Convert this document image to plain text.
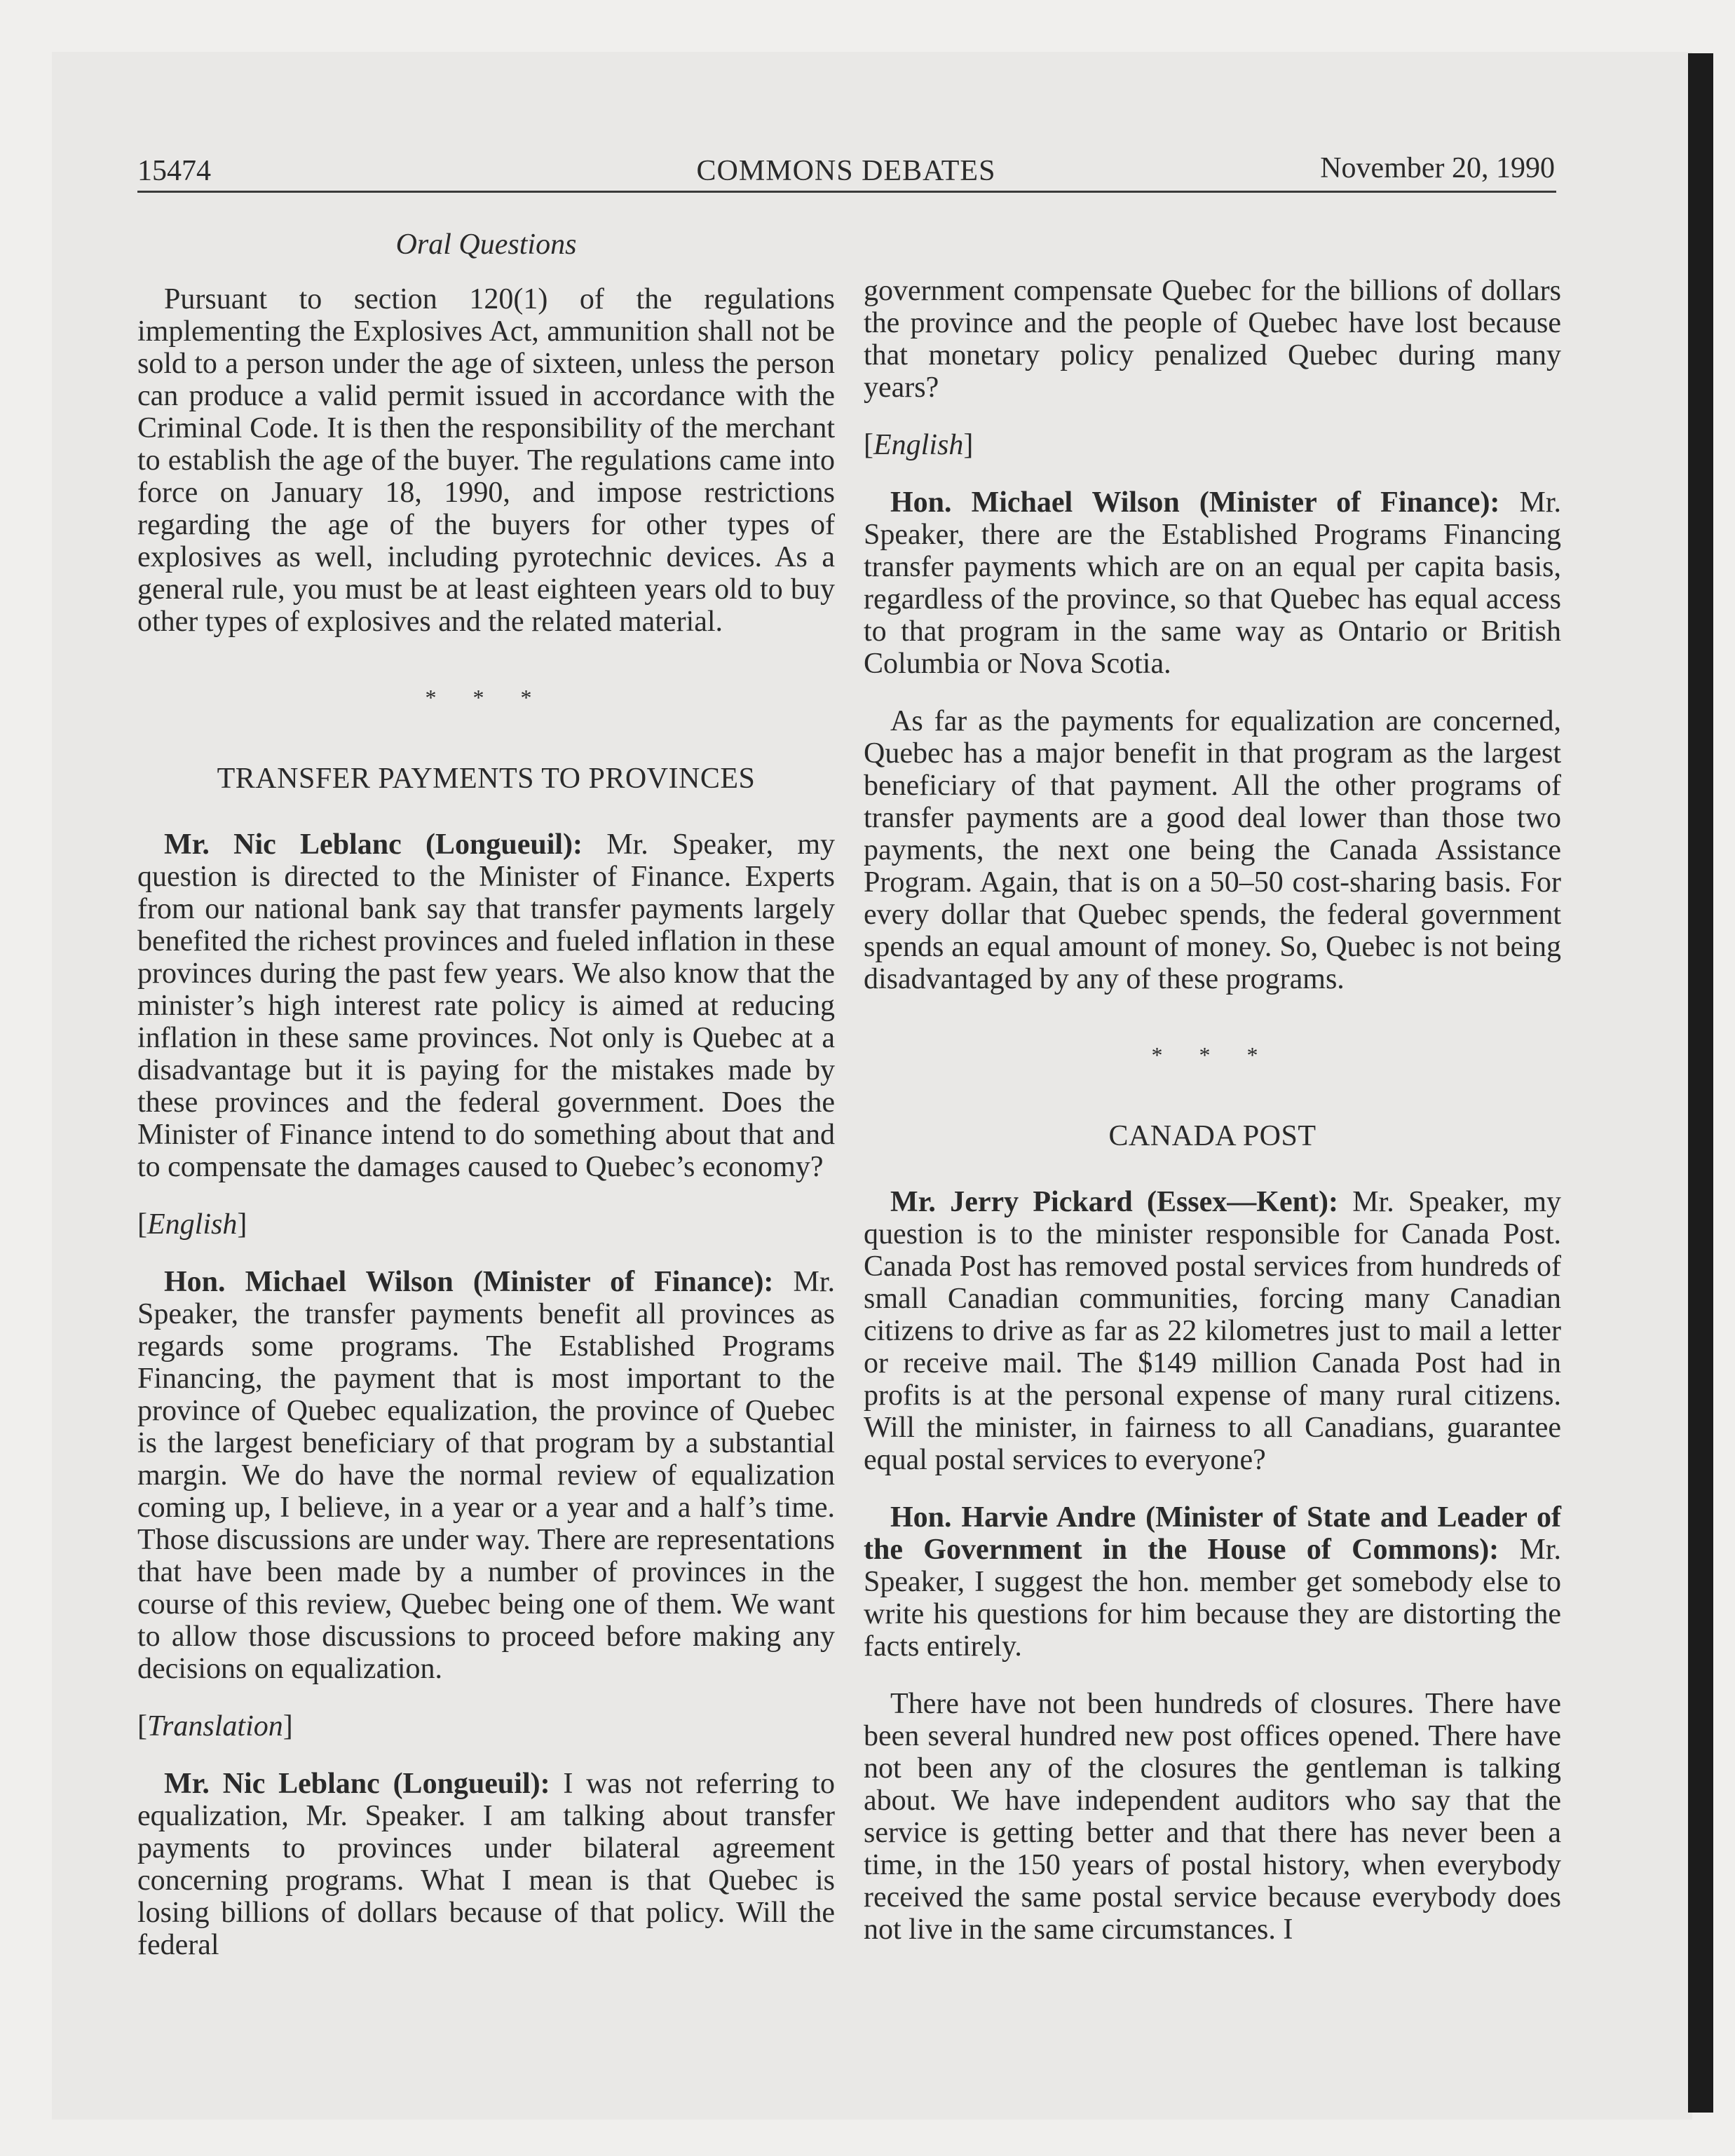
15474	COMMONS DEBATES	November 20, 1990
Oral Questions

Pursuant to section 120(1) of the regulations implementing the Explosives Act, ammunition shall not be sold to a person under the age of sixteen, unless the person can produce a valid permit issued in accordance with the Criminal Code. It is then the responsibility of the merchant to establish the age of the buyer. The regulations came into force on January 18, 1990, and impose restrictions regarding the age of the buyers for other types of explosives as well, including pyrotechnic devices. As a general rule, you must be at least eighteen years old to buy other types of explosives and the related material.

* * *
TRANSFER PAYMENTS TO PROVINCES

Mr. Nic Leblanc (Longueuil): Mr. Speaker, my question is directed to the Minister of Finance. Experts from our national bank say that transfer payments largely benefited the richest provinces and fueled inflation in these provinces during the past few years. We also know that the minister’s high interest rate policy is aimed at reducing inflation in these same provinces. Not only is Quebec at a disadvantage but it is paying for the mistakes made by these provinces and the federal government. Does the Minister of Finance intend to do something about that and to compensate the damages caused to Quebec’s economy?

[English]

Hon. Michael Wilson (Minister of Finance): Mr. Speaker, the transfer payments benefit all provinces as regards some programs. The Established Programs Financing, the payment that is most important to the province of Quebec equalization, the province of Quebec is the largest beneficiary of that program by a substantial margin. We do have the normal review of equalization coming up, I believe, in a year or a year and a half’s time. Those discussions are under way. There are representations that have been made by a number of provinces in the course of this review, Quebec being one of them. We want to allow those discussions to proceed before making any decisions on equalization.

[Translation]

Mr. Nic Leblanc (Longueuil): I was not referring to equalization, Mr. Speaker. I am talking about transfer payments to provinces under bilateral agreement concerning programs. What I mean is that Quebec is losing billions of dollars because of that policy. Will the federal

government compensate Quebec for the billions of dollars the province and the people of Quebec have lost because that monetary policy penalized Quebec during many years?

[English]

Hon. Michael Wilson (Minister of Finance): Mr. Speaker, there are the Established Programs Financing transfer payments which are on an equal per capita basis, regardless of the province, so that Quebec has equal access to that program in the same way as Ontario or British Columbia or Nova Scotia.

As far as the payments for equalization are concerned, Quebec has a major benefit in that program as the largest beneficiary of that payment. All the other programs of transfer payments are a good deal lower than those two payments, the next one being the Canada Assistance Program. Again, that is on a 50–50 cost-sharing basis. For every dollar that Quebec spends, the federal government spends an equal amount of money. So, Quebec is not being disadvantaged by any of these programs.

* * *
CANADA POST

Mr. Jerry Pickard (Essex—Kent): Mr. Speaker, my question is to the minister responsible for Canada Post. Canada Post has removed postal services from hundreds of small Canadian communities, forcing many Canadian citizens to drive as far as 22 kilometres just to mail a letter or receive mail. The $149 million Canada Post had in profits is at the personal expense of many rural citizens. Will the minister, in fairness to all Canadians, guarantee equal postal services to everyone?

Hon. Harvie Andre (Minister of State and Leader of the Government in the House of Commons): Mr. Speaker, I suggest the hon. member get somebody else to write his questions for him because they are distorting the facts entirely.

There have not been hundreds of closures. There have been several hundred new post offices opened. There have not been any of the closures the gentleman is talking about. We have independent auditors who say that the service is getting better and that there has never been a time, in the 150 years of postal history, when everybody received the same postal service because everybody does not live in the same circumstances. I
